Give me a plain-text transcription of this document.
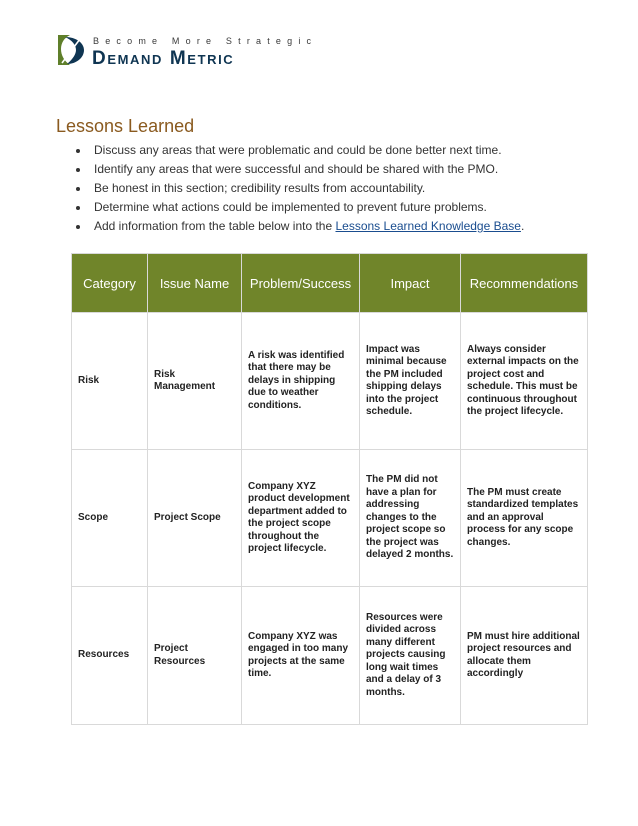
Become More Strategic
Demand Metric
Lessons Learned
Discuss any areas that were problematic and could be done better next time.
Identify any areas that were successful and should be shared with the PMO.
Be honest in this section; credibility results from accountability.
Determine what actions could be implemented to prevent future problems.
Add information from the table below into the Lessons Learned Knowledge Base.
Category	Issue Name	Problem/Success	Impact	Recommendations
Risk	Risk Management	A risk was identified that there may be delays in shipping due to weather conditions.	Impact was minimal because the PM included shipping delays into the project schedule.	Always consider external impacts on the project cost and schedule. This must be continuous throughout the project lifecycle.
Scope	Project Scope	Company XYZ product development department added to the project scope throughout the project lifecycle.	The PM did not have a plan for addressing changes to the project scope so the project was delayed 2 months.	The PM must create standardized templates and an approval process for any scope changes.
Resources	Project Resources	Company XYZ was engaged in too many projects at the same time.	Resources were divided across many different projects causing long wait times and a delay of 3 months.	PM must hire additional project resources and allocate them accordingly
